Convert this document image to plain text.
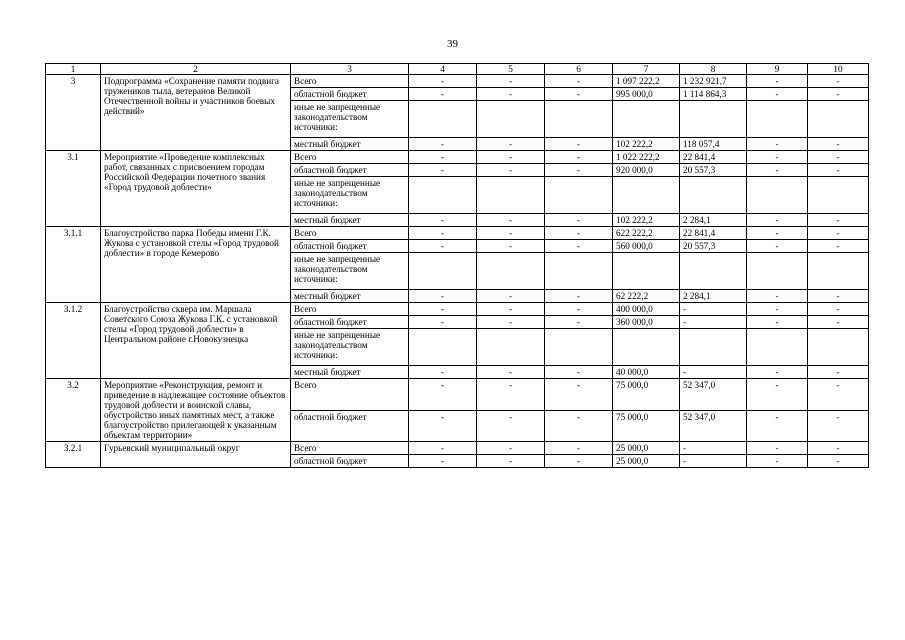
39
1	2	3	4	5	6	7	8	9	10
3	Подпрограмма «Сохранение памяти подвига тружеников тыла, ветеранов Великой Отечественной войны и участников боевых действий»	Всего	-	-	-	1 097 222,2	1 232 921,7	-	-
		областной бюджет	-	-	-	995 000,0	1 114 864,3	-	-
		иные не запрещенные законодательством источники:							
		местный бюджет	-	-	-	102 222,2	118 057,4	-	-
3.1	Мероприятие «Проведение комплексных работ, связанных с присвоением городам Российской Федерации почетного звания «Город трудовой доблести»	Всего	-	-	-	1 022 222,2	22 841,4	-	-
		областной бюджет	-	-	-	920 000,0	20 557,3	-	-
		иные не запрещенные законодательством источники:							
		местный бюджет	-	-	-	102 222,2	2 284,1	-	-
3.1.1	Благоустройство парка Победы имени Г.К. Жукова с установкой стелы «Город трудовой доблести» в городе Кемерово	Всего	-	-	-	622 222,2	22 841,4	-	-
		областной бюджет	-	-	-	560 000,0	20 557,3	-	-
		иные не запрещенные законодательством источники:							
		местный бюджет	-	-	-	62 222,2	2 284,1	-	-
3.1.2	Благоустройство сквера им. Маршала Советского Союза Жукова Г.К. с установкой стелы «Город трудовой доблести» в Центральном районе г.Новокузнецка	Всего	-	-	-	400 000,0	-	-	-
		областной бюджет	-	-	-	360 000,0	-	-	-
		иные не запрещенные законодательством источники:							
		местный бюджет	-	-	-	40 000,0	-	-	-
3.2	Мероприятие «Реконструкция, ремонт и приведение в надлежащее состояние объектов трудовой доблести и воинской славы, обустройство иных памятных мест, а также благоустройство прилегающей к указанным объектам территории»	Всего	-	-	-	75 000,0	52 347,0	-	-
		областной бюджет	-	-	-	75 000,0	52 347,0	-	-
3.2.1	Гурьевский муниципальный округ	Всего	-	-	-	25 000,0	-	-	-
		областной бюджет	-	-	-	25 000,0	-	-	-
